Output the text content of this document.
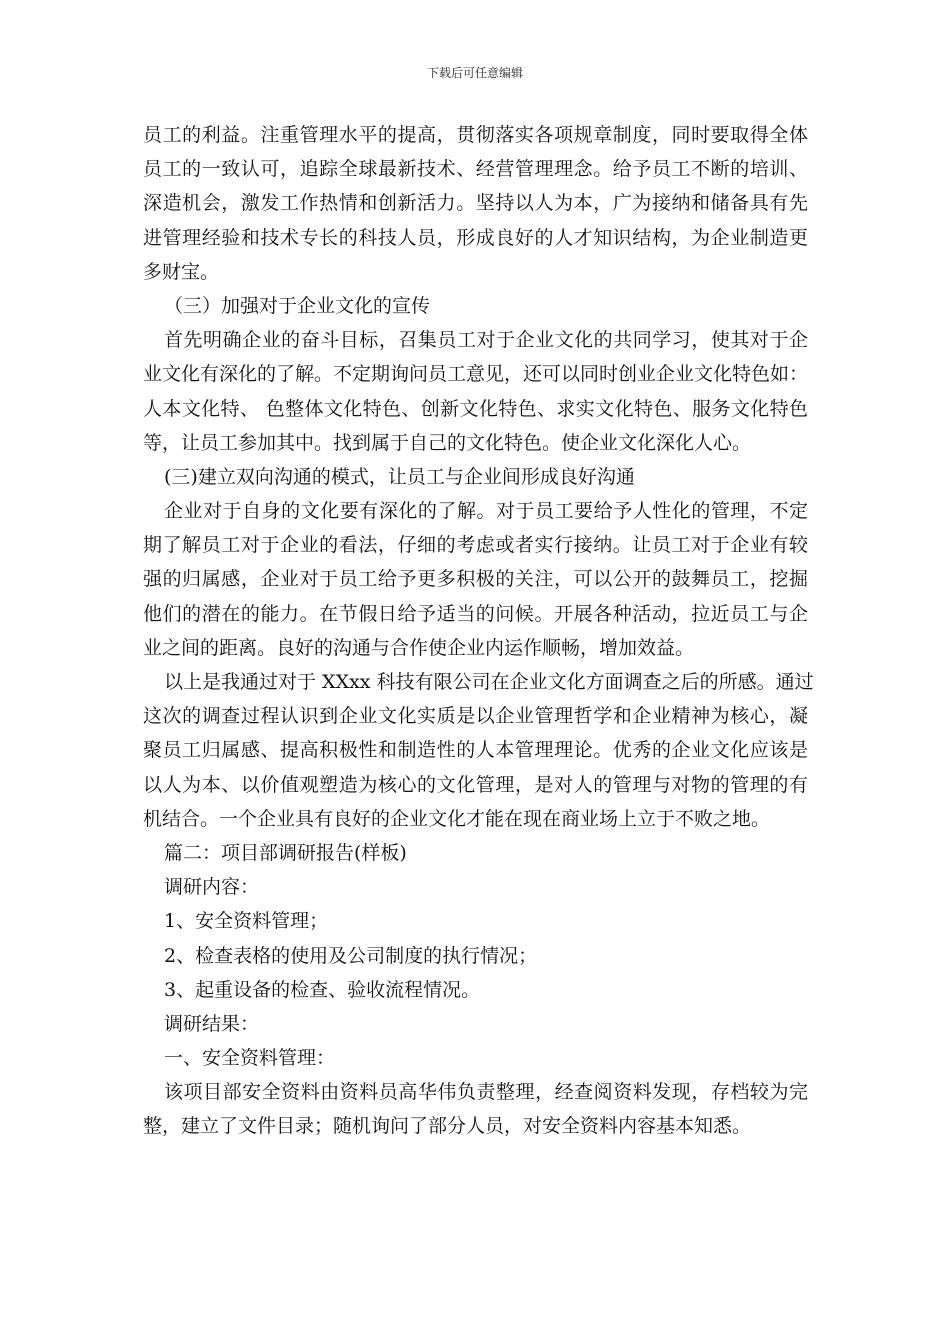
下载后可任意编辑
员工的利益。注重管理水平的提高，贯彻落实各项规章制度，同时要取得全体
员工的一致认可，追踪全球最新技术、经营管理理念。给予员工不断的培训、
深造机会，激发工作热情和创新活力。坚持以人为本，广为接纳和储备具有先
进管理经验和技术专长的科技人员，形成良好的人才知识结构，为企业制造更
多财宝。
（三）加强对于企业文化的宣传
首先明确企业的奋斗目标，召集员工对于企业文化的共同学习，使其对于企
业文化有深化的了解。不定期询问员工意见，还可以同时创业企业文化特色如：
人本文化特、 色整体文化特色、创新文化特色、求实文化特色、服务文化特色
等，让员工参加其中。找到属于自己的文化特色。使企业文化深化人心。
(三)建立双向沟通的模式，让员工与企业间形成良好沟通
企业对于自身的文化要有深化的了解。对于员工要给予人性化的管理，不定
期了解员工对于企业的看法，仔细的考虑或者实行接纳。让员工对于企业有较
强的归属感，企业对于员工给予更多积极的关注，可以公开的鼓舞员工，挖掘
他们的潜在的能力。在节假日给予适当的问候。开展各种活动，拉近员工与企
业之间的距离。良好的沟通与合作使企业内运作顺畅，增加效益。
以上是我通过对于 XXxx 科技有限公司在企业文化方面调查之后的所感。通过
这次的调查过程认识到企业文化实质是以企业管理哲学和企业精神为核心，凝
聚员工归属感、提高积极性和制造性的人本管理理论。优秀的企业文化应该是
以人为本、以价值观塑造为核心的文化管理，是对人的管理与对物的管理的有
机结合。一个企业具有良好的企业文化才能在现在商业场上立于不败之地。
篇二：项目部调研报告(样板)
调研内容：
1、安全资料管理；
2、检查表格的使用及公司制度的执行情况；
3、起重设备的检查、验收流程情况。
调研结果：
一、安全资料管理：
该项目部安全资料由资料员高华伟负责整理，经查阅资料发现，存档较为完
整，建立了文件目录；随机询问了部分人员，对安全资料内容基本知悉。
